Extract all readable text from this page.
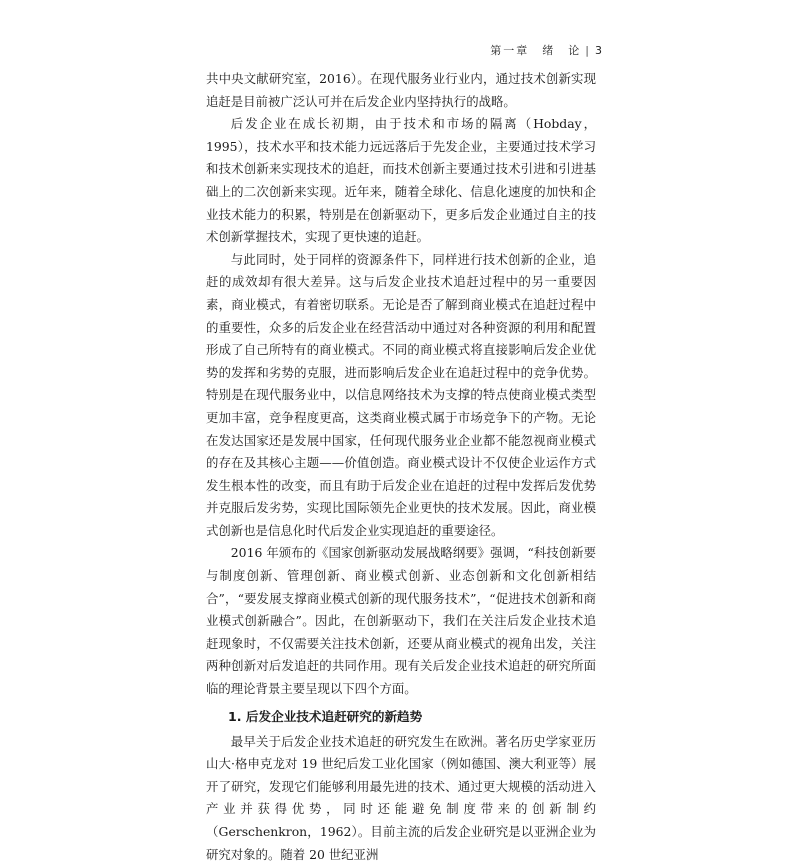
第一章　绪　论 | 3

共中央文献研究室，2016）。在现代服务业行业内，通过技术创新实现追赶是目前被广泛认可并在后发企业内坚持执行的战略。

后发企业在成长初期，由于技术和市场的隔离（Hobday，1995），技术水平和技术能力远远落后于先发企业，主要通过技术学习和技术创新来实现技术的追赶，而技术创新主要通过技术引进和引进基础上的二次创新来实现。近年来，随着全球化、信息化速度的加快和企业技术能力的积累，特别是在创新驱动下，更多后发企业通过自主的技术创新掌握技术，实现了更快速的追赶。

与此同时，处于同样的资源条件下，同样进行技术创新的企业，追赶的成效却有很大差异。这与后发企业技术追赶过程中的另一重要因素，商业模式，有着密切联系。无论是否了解到商业模式在追赶过程中的重要性，众多的后发企业在经营活动中通过对各种资源的利用和配置形成了自己所特有的商业模式。不同的商业模式将直接影响后发企业优势的发挥和劣势的克服，进而影响后发企业在追赶过程中的竞争优势。特别是在现代服务业中，以信息网络技术为支撑的特点使商业模式类型更加丰富，竞争程度更高，这类商业模式属于市场竞争下的产物。无论在发达国家还是发展中国家，任何现代服务业企业都不能忽视商业模式的存在及其核心主题——价值创造。商业模式设计不仅使企业运作方式发生根本性的改变，而且有助于后发企业在追赶的过程中发挥后发优势并克服后发劣势，实现比国际领先企业更快的技术发展。因此，商业模式创新也是信息化时代后发企业实现追赶的重要途径。

2016 年颁布的《国家创新驱动发展战略纲要》强调，“科技创新要与制度创新、管理创新、商业模式创新、业态创新和文化创新相结合”，“要发展支撑商业模式创新的现代服务技术”，“促进技术创新和商业模式创新融合”。因此，在创新驱动下，我们在关注后发企业技术追赶现象时，不仅需要关注技术创新，还要从商业模式的视角出发，关注两种创新对后发追赶的共同作用。现有关后发企业技术追赶的研究所面临的理论背景主要呈现以下四个方面。

1. 后发企业技术追赶研究的新趋势

最早关于后发企业技术追赶的研究发生在欧洲。著名历史学家亚历山大·格申克龙对 19 世纪后发工业化国家（例如德国、澳大利亚等）展开了研究，发现它们能够利用最先进的技术、通过更大规模的活动进入产业并获得优势，同时还能避免制度带来的创新制约（Gerschenkron，1962）。目前主流的后发企业研究是以亚洲企业为研究对象的。随着 20 世纪亚洲
